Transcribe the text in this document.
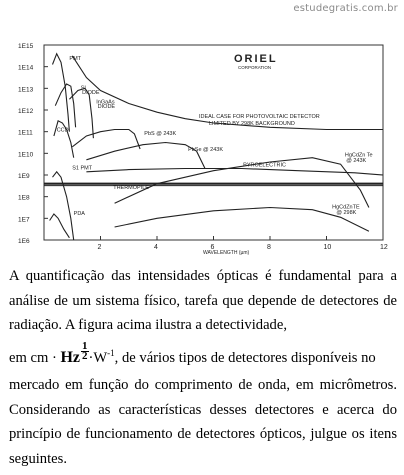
estudegratis.com.br
1E15
1E14
1E13
1E12
1E11
1E10
1E9
1E8
1E7
1E6
2	4	6	8	10	12
WAVELENGTH (µm)
ORIEL
CORPORATION
IDEAL CASE FOR PHOTOVOLTAIC DETECTOR
LIMITED BY 298K BACKGROUND
PMT
SI
DIODE
InGaAs
DIODE
CCD
PbS @ 243K
PbSe @ 243K
HgCdZn Te
@ 243K
S1 PMT
PYROELECTRIC
THERMOPILE
HgCdZnTE
@ 298K
PDA

A quantificação das intensidades ópticas é fundamental para a análise de um sistema físico, tarefa que depende de detectores de radiação. A figura acima ilustra a detectividade,

em cm · Hz $\frac{1}{2} \cdot W^{-1}$, de vários tipos de detectores disponíveis no

mercado em função do comprimento de onda, em micrômetros. Considerando as características desses detectores e acerca do princípio de funcionamento de detectores ópticos, julgue os itens seguintes.
